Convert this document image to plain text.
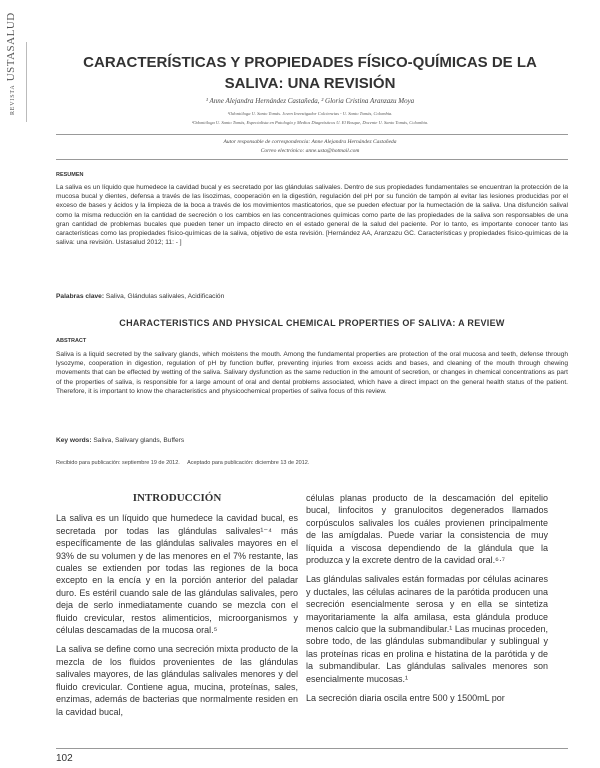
REVISTA USTASALUD	CARACTERÍSTICAS Y PROPIEDADES FÍSICO-QUÍMICAS DE LA SALIVA: UNA REVISIÓN
¹ Anne Alejandra Hernández Castañeda, ² Gloria Cristina Aranzazu Moya
¹Odontóloga U. Santo Tomás. Joven Investigador Colciencias - U. Santo Tomás, Colombia.
²Odontóloga U. Santo Tomás, Especialista en Patología y Medios Diagnósticos U. El Bosque, Docente U. Santo Tomás, Colombia.
Autor responsable de correspondencia: Anne Alejandra Hernández Castañeda
Correo electrónico: anne.usta@hotmail.com
RESUMEN
La saliva es un líquido que humedece la cavidad bucal y es secretado por las glándulas salivales. Dentro de sus propiedades fundamentales se encuentran la protección de la mucosa bucal y dientes, defensa a través de las lisozimas, cooperación en la digestión, regulación del pH por su función de tampón al evitar las lesiones producidas por el exceso de bases y ácidos y la limpieza de la boca a través de los movimientos masticatorios, que se pueden efectuar por la humectación de la saliva. Una disfunción salival como la misma reducción en la cantidad de secreción o los cambios en las concentraciones químicas como parte de las propiedades de la saliva son responsables de una gran cantidad de problemas bucales que pueden tener un impacto directo en el estado general de la salud del paciente. Por lo tanto, es importante conocer tanto las características como las propiedades físico-químicas de la saliva, objetivo de esta revisión. [Hernández AA, Aranzazu GC. Características y propiedades físico-químicas de la saliva: una revisión. Ustasalud 2012; 11: - ]
Palabras clave: Saliva, Glándulas salivales, Acidificación
CHARACTERISTICS AND PHYSICAL CHEMICAL PROPERTIES OF SALIVA: A REVIEW
ABSTRACT
Saliva is a liquid secreted by the salivary glands, which moistens the mouth. Among the fundamental properties are protection of the oral mucosa and teeth, defense through lysozyme, cooperation in digestion, regulation of pH by function buffer, preventing injuries from excess acids and bases, and cleaning of the mouth through chewing movements that can be effected by wetting of the saliva. Salivary dysfunction as the same reduction in the amount of secretion, or changes in chemical concentrations as part of the properties of saliva, is responsible for a large amount of oral and dental problems associated, which have a direct impact on the general health status of the patient. Therefore, it is important to know the characteristics and physicochemical properties of saliva focus of this review.
Key words: Saliva, Salivary glands, Buffers
Recibido para publicación: septiembre 19 de 2012. Aceptado para publicación: diciembre 13 de 2012.
INTRODUCCIÓN

La saliva es un líquido que humedece la cavidad bucal, es secretada por todas las glándulas salivales¹⁻⁴ más específicamente de las glándulas salivales mayores en el 93% de su volumen y de las menores en el 7% restante, las cuales se extienden por todas las regiones de la boca excepto en la encía y en la porción anterior del paladar duro. Es estéril cuando sale de las glándulas salivales, pero deja de serlo inmediatamente cuando se mezcla con el fluido crevicular, restos alimenticios, microorganismos y células descamadas de la mucosa oral.⁵

La saliva se define como una secreción mixta producto de la mezcla de los fluidos provenientes de las glándulas salivales mayores, de las glándulas salivales menores y del fluido crevicular. Contiene agua, mucina, proteínas, sales, enzimas, además de bacterias que normalmente residen en la cavidad bucal,

células planas producto de la descamación del epitelio bucal, linfocitos y granulocitos degenerados llamados corpúsculos salivales los cuáles provienen principalmente de las amígdalas. Puede variar la consistencia de muy líquida a viscosa dependiendo de la glándula que la produzca y la excrete dentro de la cavidad oral.⁶·⁷

Las glándulas salivales están formadas por células acinares y ductales, las células acinares de la parótida producen una secreción esencialmente serosa y en ella se sintetiza mayoritariamente la alfa amilasa, esta glándula produce menos calcio que la submandibular.¹ Las mucinas proceden, sobre todo, de las glándulas submandibular y sublingual y las proteínas ricas en prolina e histatina de la parótida y de la submandibular. Las glándulas salivales menores son esencialmente mucosas.¹

La secreción diaria oscila entre 500 y 1500mL por

102
